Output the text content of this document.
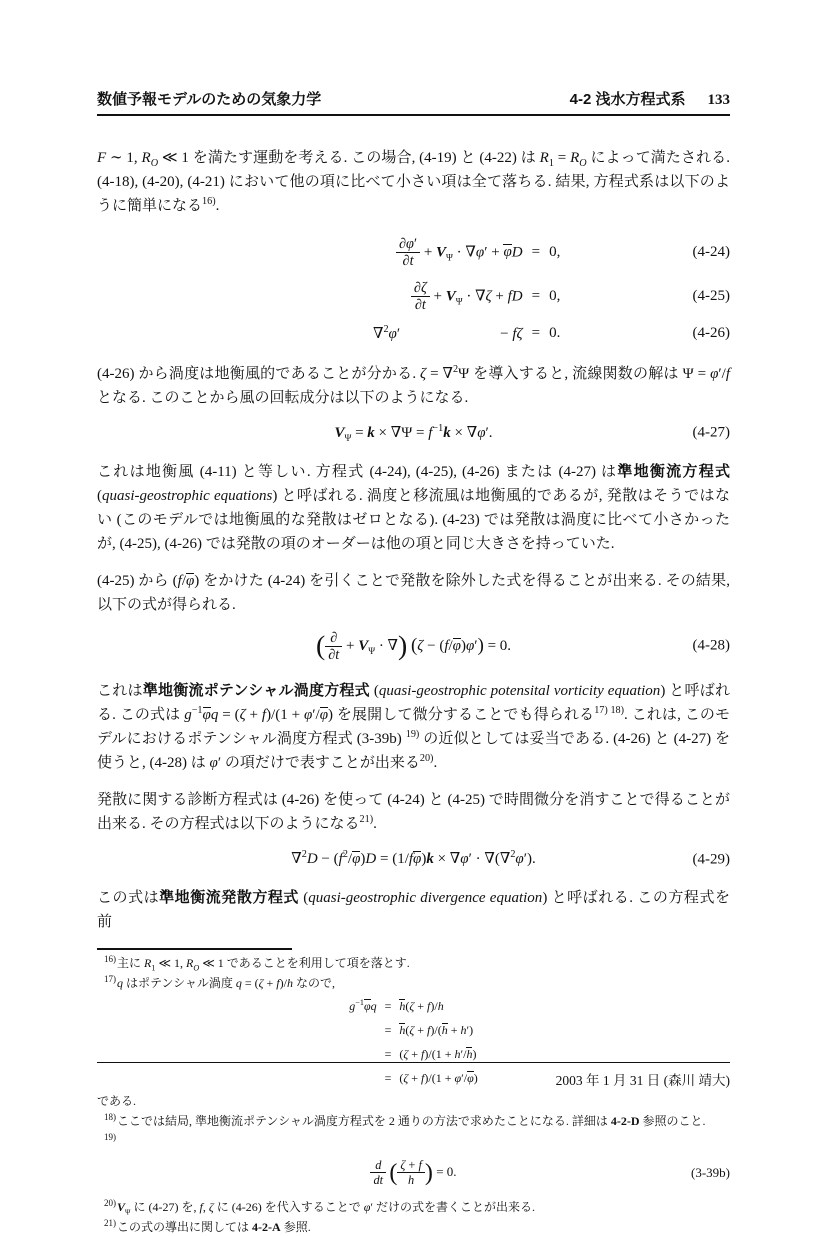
数値予報モデルのための気象力学	4-2 浅水方程式系 133

F ∼ 1, $R_O$ ≪ 1 を満たす運動を考える. この場合, (4-19) と (4-22) は $R_1 = R_O$ によって満たされる. (4-18), (4-20), (4-21) において他の項に比べて小さい項は全て落ちる. 結果, 方程式系は以下のように簡単になる$^{16)}$.

	$\frac{\partial\varphi'}{\partial t} + V_\Psi \cdot \nabla\varphi' + \varphi D$	=	0,	(4-24)

	$\frac{\partial\zeta}{\partial t} + V_\Psi \cdot \nabla\zeta$ + fD	=	0,	(4-25)
	∇$^2$φ′ − fζ	=	0.	(4-26)

(4-26) から渦度は地衡風的であることが分かる. ζ = ∇$^2$Ψ を導入すると, 流線関数の解は Ψ = φ′/f となる. このことから風の回転成分は以下のようになる.

$V_\Psi = k \times \nabla\Psi = f^{-1}k \times \nabla\varphi'$.	(4-27)

これは地衡風 (4-11) と等しい. 方程式 (4-24), (4-25), (4-26) または (4-27) は準地衡流方程式 (quasi-geostrophic equations) と呼ばれる. 渦度と移流風は地衡風的であるが, 発散はそうではない (このモデルでは地衡風的な発散はゼロとなる). (4-23) では発散は渦度に比べて小さかったが, (4-25), (4-26) では発散の項のオーダーは他の項と同じ大きさを持っていた.

(4-25) から (f/φ) をかけた (4-24) を引くことで発散を除外した式を得ることが出来る. その結果, 以下の式が得られる.

( ∂
∂t
+ $V_\Psi$ · ∇) (ζ − (f/φ)φ′) = 0.	(4-28)

これは準地衡流ポテンシャル渦度方程式 (quasi-geostrophic potensital vorticity equation) と呼ばれる. この式は $g^{-1}\varphi q = (\zeta + f)/(1 + \varphi'/\varphi)$ を展開して微分することでも得られる$^{17) 18)}$. これは, このモデルにおけるポテンシャル渦度方程式 (3-39b) $^{19)}$ の近似としては妥当である. (4-26) と (4-27) を使うと, (4-28) は φ′ の項だけで表すことが出来る$^{20)}$.

発散に関する診断方程式は (4-26) を使って (4-24) と (4-25) で時間微分を消すことで得ることが出来る. その方程式は以下のようになる$^{21)}$.

$\nabla^2D - (f^2/\varphi)D = (1/f\varphi)k \times \nabla\varphi' \cdot \nabla(\nabla^2\varphi')$.	(4-29)

この式は準地衡流発散方程式 (quasi-geostrophic divergence equation) と呼ばれる. この方程式を前

$^{16)}$主に $R_1$ ≪ 1, $R_O$ ≪ 1 であることを利用して項を落とす.
$^{17)}$q はポテンシャル渦度 q = (ζ + f)/h なので,
$g^{-1}\varphi q$	=	h(ζ + f)/h
	=	h(ζ + f)/(h + h′)
	=	(ζ + f)/(1 + h′/h)
	=	(ζ + f)/(1 + φ′/φ)
である.
$^{18)}$ここでは結局, 準地衡流ポテンシャル渦度方程式を 2 通りの方法で求めたことになる. 詳細は 4-2-D 参照のこと.
$^{19)}$
$\frac{d}{dt}$ ( $\frac{\zeta + f}{h}$ ) = 0.	(3-39b)
$^{20)}V_\Psi$ に (4-27) を, f, ζ に (4-26) を代入することで φ′ だけの式を書くことが出来る.
$^{21)}$この式の導出に関しては 4-2-A 参照.
2003 年 1 月 31 日 (森川 靖大)
